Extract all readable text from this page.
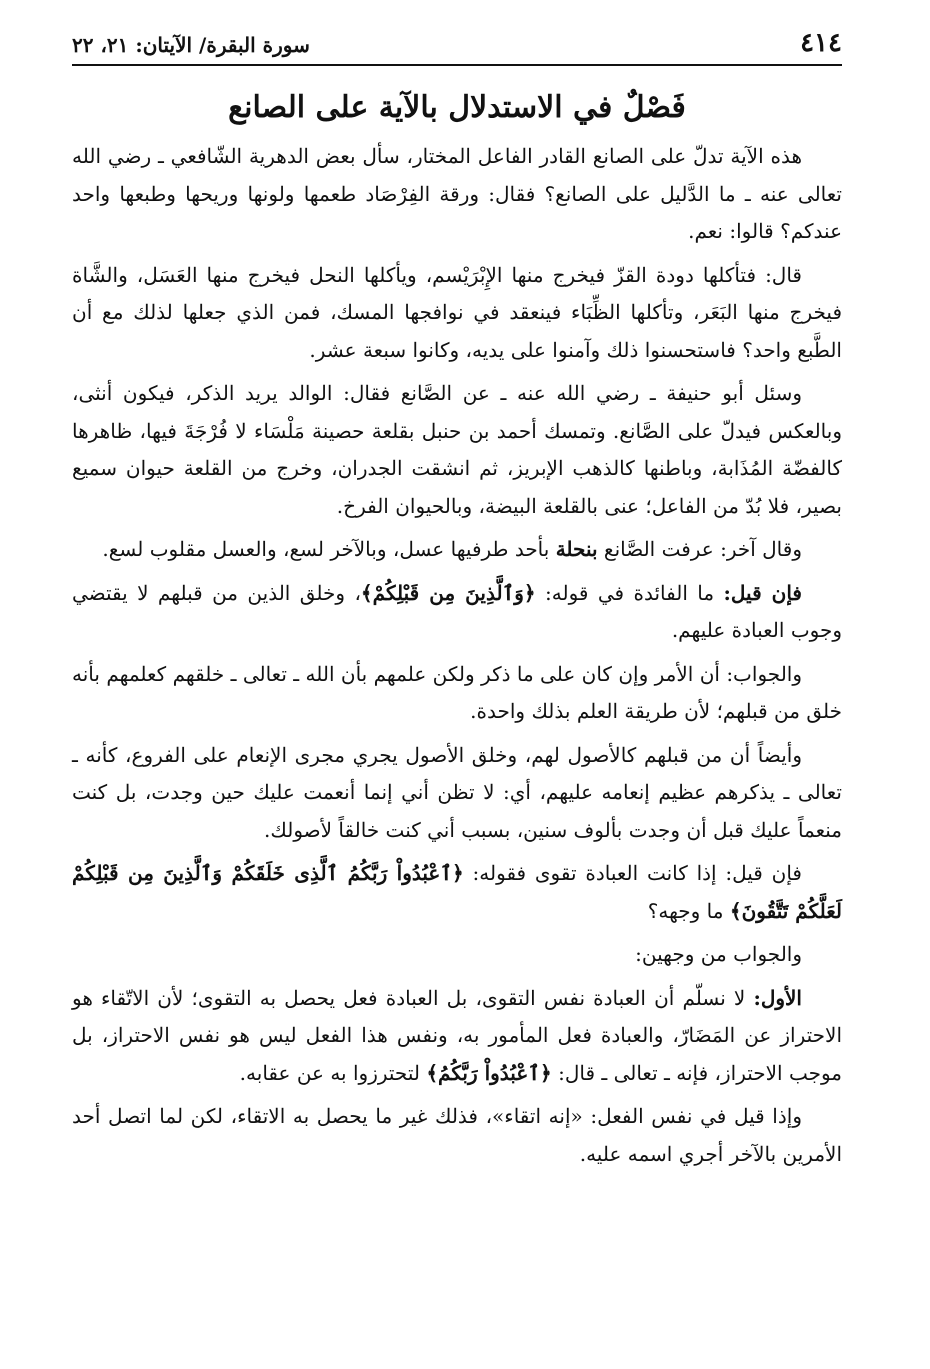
٤١٤
سورة البقرة/ الآيتان: ٢١، ٢٢
فَصْلٌ في الاستدلال بالآية على الصانع

هذه الآية تدلّ على الصانع القادر الفاعل المختار، سأل بعض الدهرية الشّافعي ـ رضي الله تعالى عنه ـ ما الدَّليل على الصانع؟ فقال: ورقة الفِرْصَاد طعمها ولونها وريحها وطبعها واحد عندكم؟ قالوا: نعم.

قال: فتأكلها دودة القزّ فيخرج منها الإِبْرَيْسم، ويأكلها النحل فيخرج منها العَسَل، والشَّاة فيخرج منها البَعَر، وتأكلها الظِّبَاء فينعقد في نوافجها المسك، فمن الذي جعلها لذلك مع أن الطَّبع واحد؟ فاستحسنوا ذلك وآمنوا على يديه، وكانوا سبعة عشر.

وسئل أبو حنيفة ـ رضي الله عنه ـ عن الصَّانع فقال: الوالد يريد الذكر، فيكون أنثى، وبالعكس فيدلّ على الصَّانع. وتمسك أحمد بن حنبل بقلعة حصينة مَلْسَاء لا فُرْجَةَ فيها، ظاهرها كالفضّة المُذَابة، وباطنها كالذهب الإبريز، ثم انشقت الجدران، وخرج من القلعة حيوان سميع بصير، فلا بُدّ من الفاعل؛ عنى بالقلعة البيضة، وبالحيوان الفرخ.

وقال آخر: عرفت الصَّانع بنحلة بأحد طرفيها عسل، وبالآخر لسع، والعسل مقلوب لسع.

فإن قيل: ما الفائدة في قوله: ﴿وَٱلَّذِينَ مِن قَبْلِكُمْ﴾، وخلق الذين من قبلهم لا يقتضي وجوب العبادة عليهم.

والجواب: أن الأمر وإن كان على ما ذكر ولكن علمهم بأن الله ـ تعالى ـ خلقهم كعلمهم بأنه خلق من قبلهم؛ لأن طريقة العلم بذلك واحدة.

وأيضاً أن من قبلهم كالأصول لهم، وخلق الأصول يجري مجرى الإنعام على الفروع، كأنه ـ تعالى ـ يذكرهم عظيم إنعامه عليهم، أي: لا تظن أني إنما أنعمت عليك حين وجدت، بل كنت منعماً عليك قبل أن وجدت بألوف سنين، بسبب أني كنت خالقاً لأصولك.

فإن قيل: إذا كانت العبادة تقوى فقوله: ﴿ٱعْبُدُواْ رَبَّكُمُ ٱلَّذِى خَلَقَكُمْ وَٱلَّذِينَ مِن قَبْلِكُمْ لَعَلَّكُمْ تَتَّقُونَ﴾ ما وجهه؟

والجواب من وجهين:

الأول: لا نسلّم أن العبادة نفس التقوى، بل العبادة فعل يحصل به التقوى؛ لأن الاتّقاء هو الاحتراز عن المَضَارّ، والعبادة فعل المأمور به، ونفس هذا الفعل ليس هو نفس الاحتراز، بل موجب الاحتراز، فإنه ـ تعالى ـ قال: ﴿ٱعْبُدُواْ رَبَّكُمُ﴾ لتحترزوا به عن عقابه.

وإذا قيل في نفس الفعل: «إنه اتقاء»، فذلك غير ما يحصل به الاتقاء، لكن لما اتصل أحد الأمرين بالآخر أجري اسمه عليه.
